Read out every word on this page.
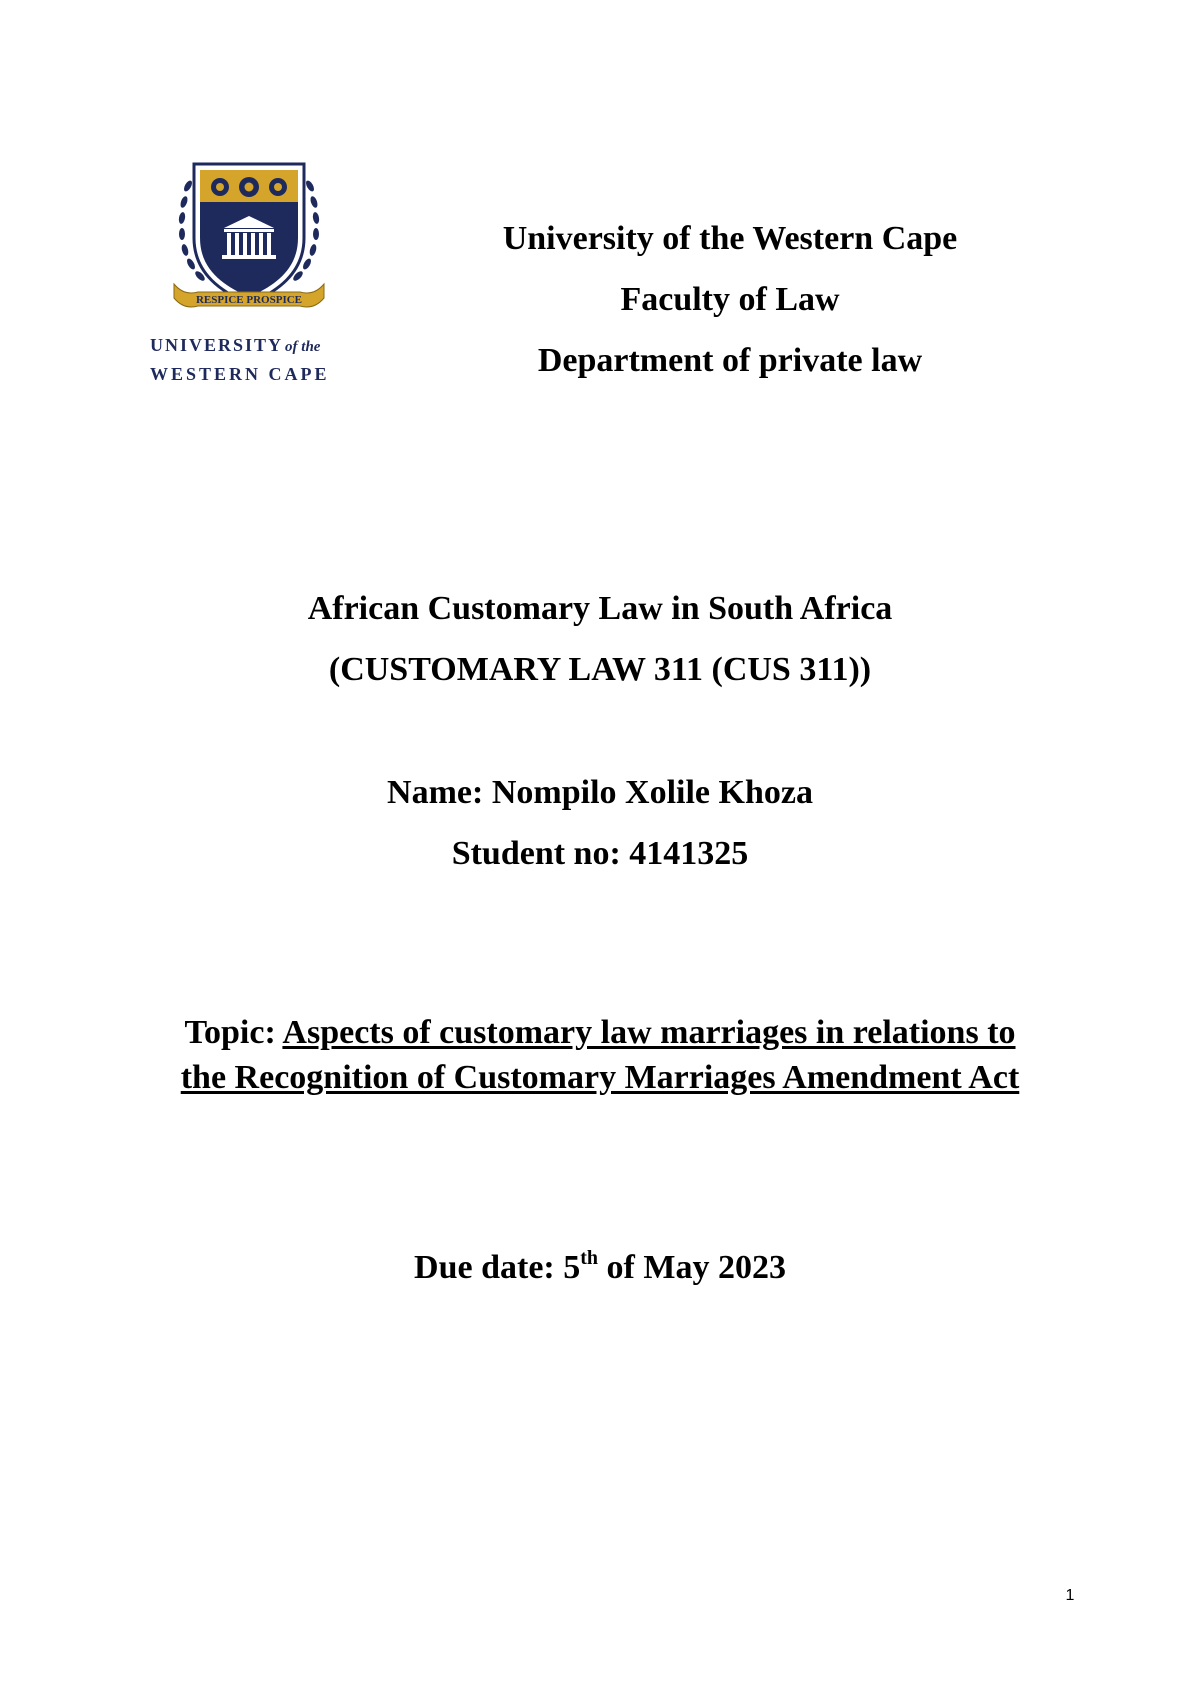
RESPICE PROSPICE
UNIVERSITY of the
WESTERN CAPE
University of the Western Cape
Faculty of Law
Department of private law
African Customary Law in South Africa
(CUSTOMARY LAW 311 (CUS 311))
Name: Nompilo Xolile Khoza
Student no: 4141325
Topic: Aspects of customary law marriages in relations to
the Recognition of Customary Marriages Amendment Act
Due date: 5th of May 2023
1
